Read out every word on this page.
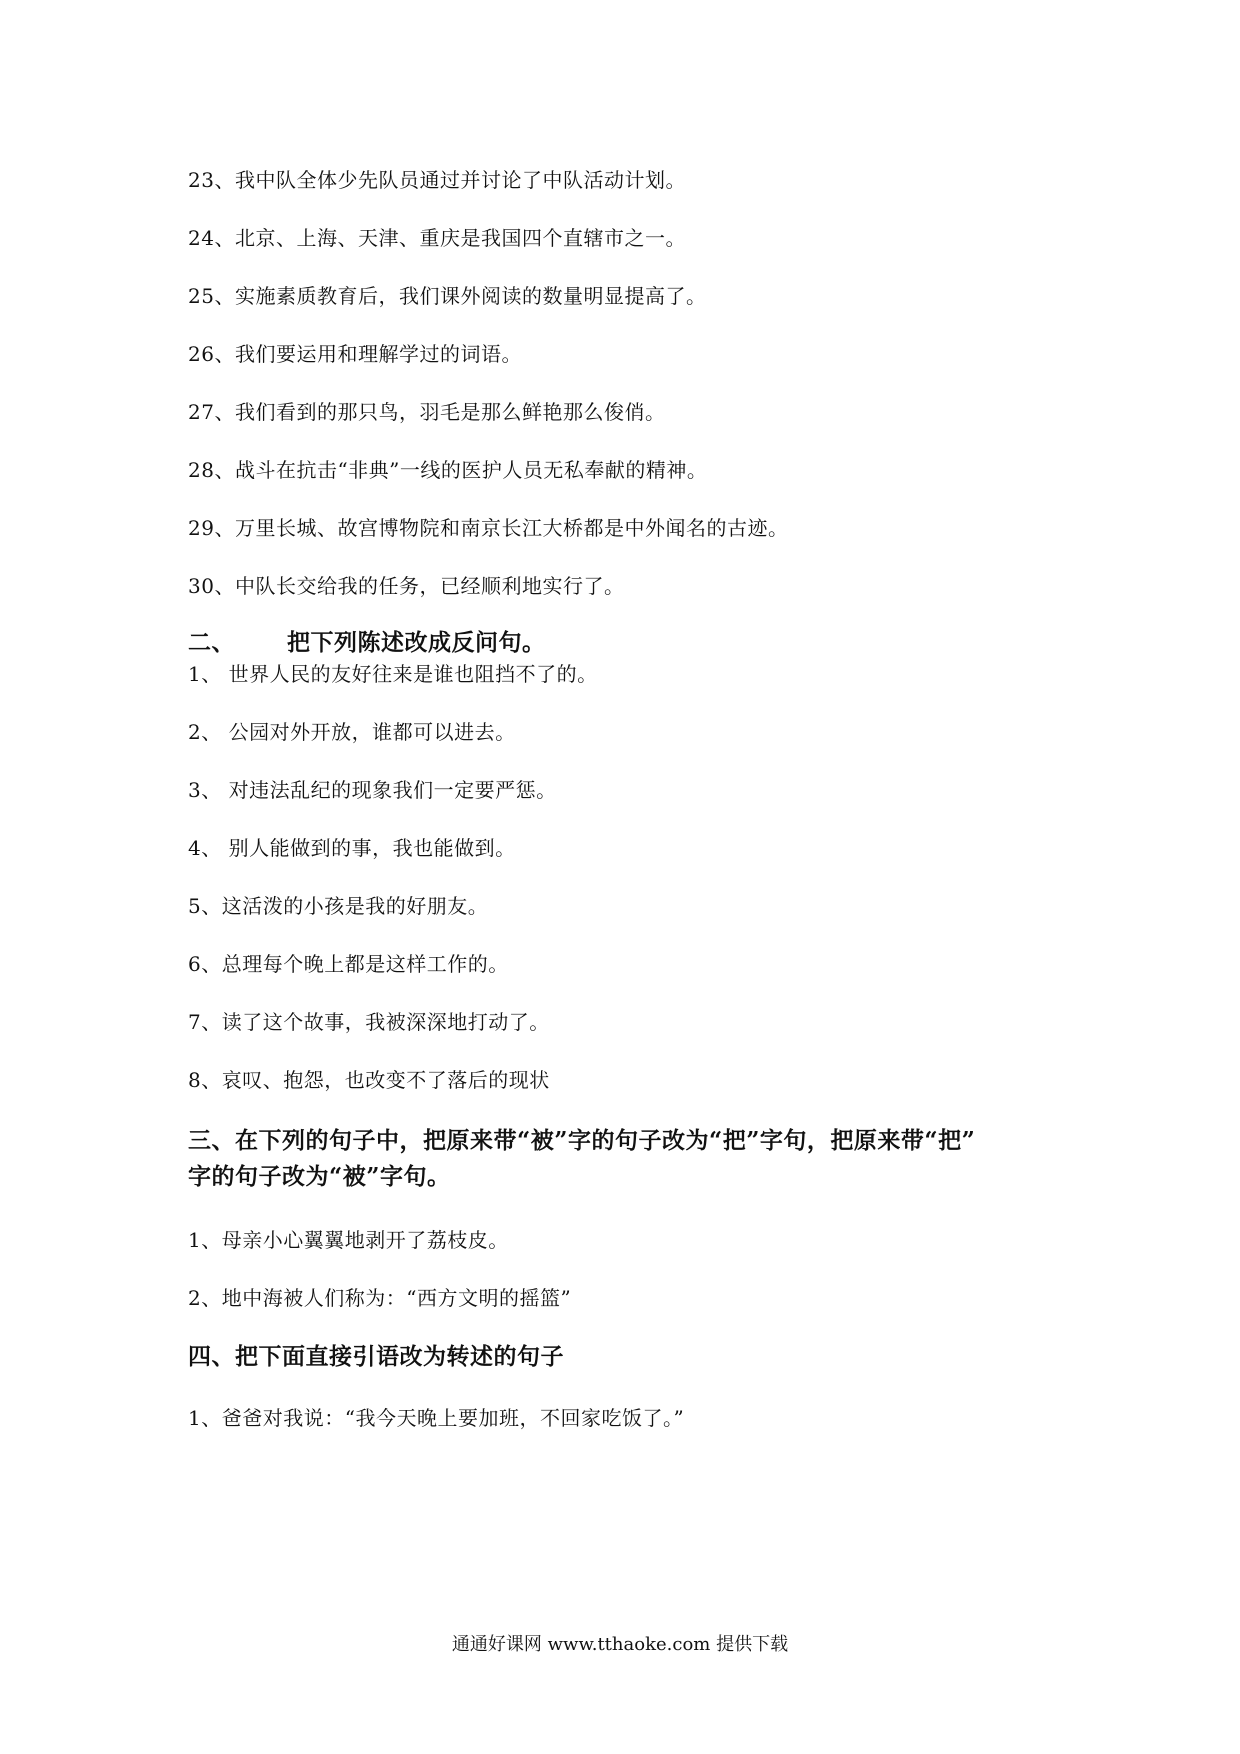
23、我中队全体少先队员通过并讨论了中队活动计划。
24、北京、上海、天津、重庆是我国四个直辖市之一。
25、实施素质教育后，我们课外阅读的数量明显提高了。
26、我们要运用和理解学过的词语。
27、我们看到的那只鸟，羽毛是那么鲜艳那么俊俏。
28、战斗在抗击“非典”一线的医护人员无私奉献的精神。
29、万里长城、故宫博物院和南京长江大桥都是中外闻名的古迹。
30、中队长交给我的任务，已经顺利地实行了。
二、 把下列陈述改成反问句。
1、 世界人民的友好往来是谁也阻挡不了的。
2、 公园对外开放，谁都可以进去。
3、 对违法乱纪的现象我们一定要严惩。
4、 别人能做到的事，我也能做到。
5、这活泼的小孩是我的好朋友。
6、总理每个晚上都是这样工作的。
7、读了这个故事，我被深深地打动了。
8、哀叹、抱怨，也改变不了落后的现状
三、在下列的句子中，把原来带“被”字的句子改为“把”字句，把原来带“把”
字的句子改为“被”字句。
1、母亲小心翼翼地剥开了荔枝皮。
2、地中海被人们称为：“西方文明的摇篮”
四、把下面直接引语改为转述的句子
1、爸爸对我说：“我今天晚上要加班，不回家吃饭了。”
通通好课网 www.tthaoke.com 提供下载
